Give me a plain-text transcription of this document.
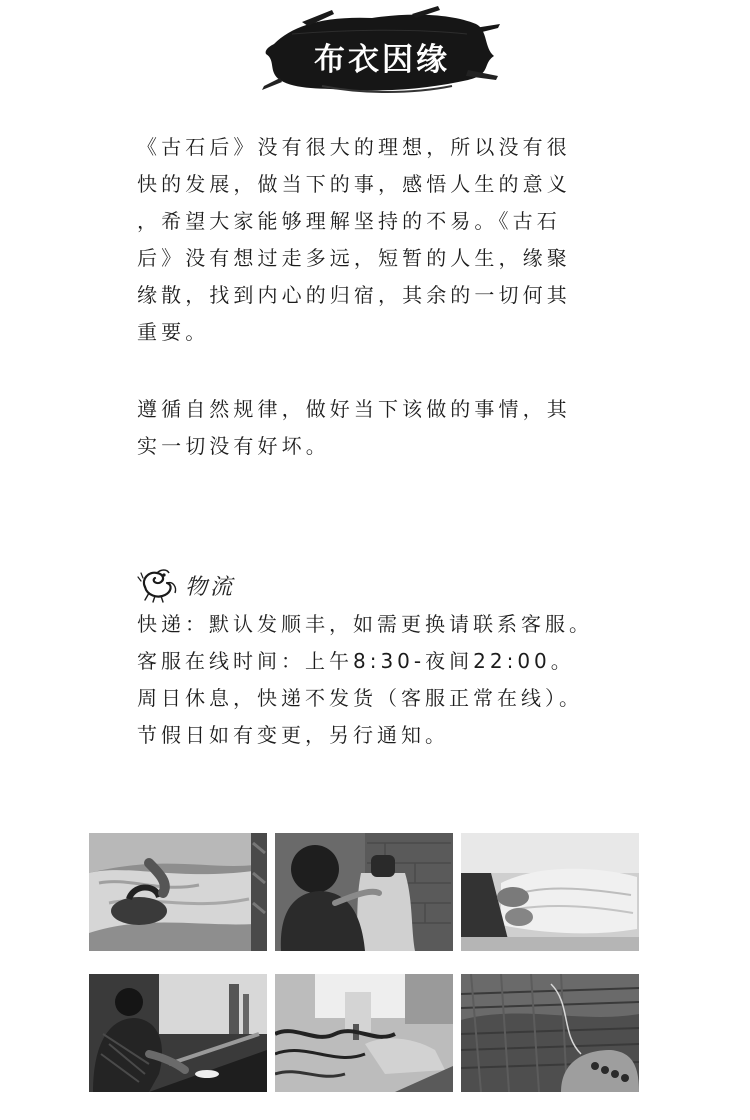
布衣因缘
《古石后》没有很大的理想，所以没有很
快的发展，做当下的事，感悟人生的意义
，希望大家能够理解坚持的不易。《古石
后》没有想过走多远，短暂的人生，缘聚
缘散，找到内心的归宿，其余的一切何其
重要。
遵循自然规律，做好当下该做的事情，其
实一切没有好坏。
物流
快递：默认发顺丰，如需更换请联系客服。
客服在线时间：上午8:30-夜间22:00。
周日休息，快递不发货（客服正常在线）。
节假日如有变更，另行通知。
